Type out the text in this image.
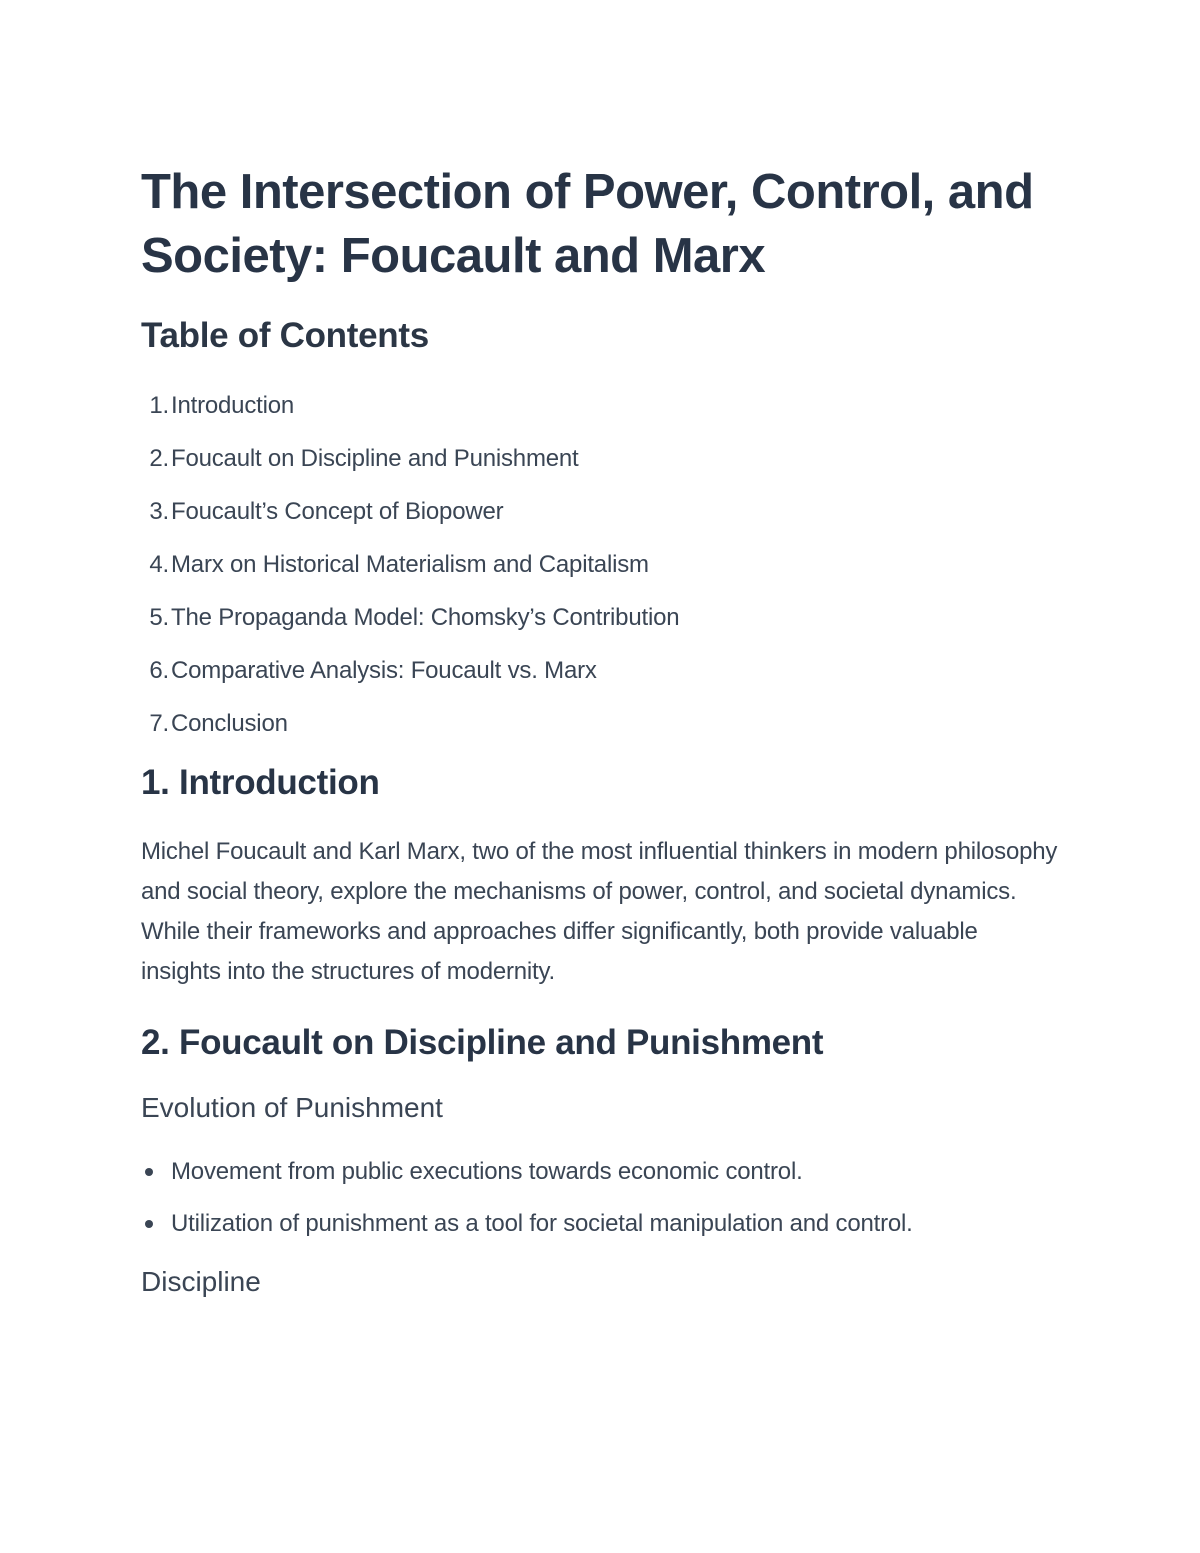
The Intersection of Power, Control, and Society: Foucault and Marx
Table of Contents
1.Introduction
2.Foucault on Discipline and Punishment
3.Foucault’s Concept of Biopower
4.Marx on Historical Materialism and Capitalism
5.The Propaganda Model: Chomsky’s Contribution
6.Comparative Analysis: Foucault vs. Marx
7.Conclusion
1. Introduction

Michel Foucault and Karl Marx, two of the most influential thinkers in modern philosophy and social theory, explore the mechanisms of power, control, and societal dynamics. While their frameworks and approaches differ significantly, both provide valuable insights into the structures of modernity.

2. Foucault on Discipline and Punishment
Evolution of Punishment
Movement from public executions towards economic control.
Utilization of punishment as a tool for societal manipulation and control.
Discipline
